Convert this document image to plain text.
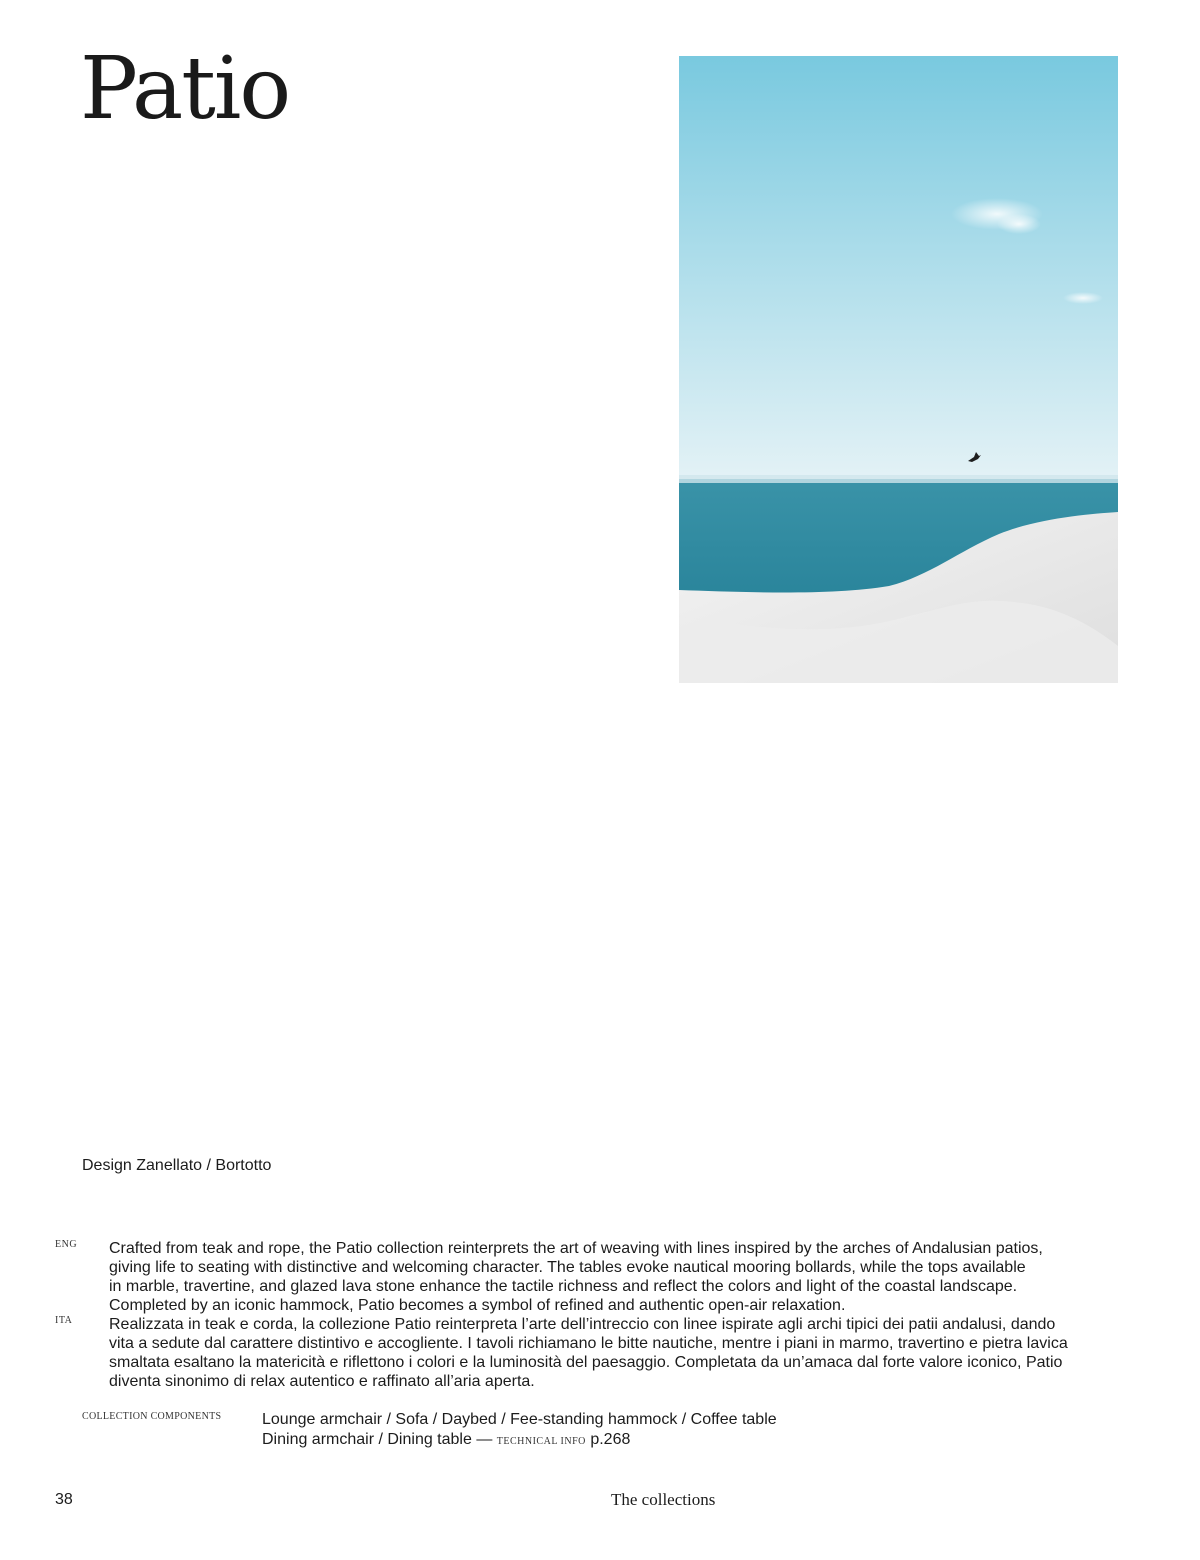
Patio
Design Zanellato / Bortotto
ENG Crafted from teak and rope, the Patio collection reinterprets the art of weaving with lines inspired by the arches of Andalusian patios,
giving life to seating with distinctive and welcoming character. The tables evoke nautical mooring bollards, while the tops available
in marble, travertine, and glazed lava stone enhance the tactile richness and reflect the colors and light of the coastal landscape.
Completed by an iconic hammock, Patio becomes a symbol of refined and authentic open-air relaxation.

ITA Realizzata in teak e corda, la collezione Patio reinterpreta l’arte dell’intreccio con linee ispirate agli archi tipici dei patii andalusi, dando
vita a sedute dal carattere distintivo e accogliente. I tavoli richiamano le bitte nautiche, mentre i piani in marmo, travertino e pietra lavica
smaltata esaltano la matericità e riflettono i colori e la luminosità del paesaggio. Completata da un’amaca dal forte valore iconico, Patio
diventa sinonimo di relax autentico e raffinato all’aria aperta.

COLLECTION COMPONENTS	Lounge armchair / Sofa / Daybed / Fee-standing hammock / Coffee table
Dining armchair / Dining table — TECHNICAL INFO p.268
38	The collections
